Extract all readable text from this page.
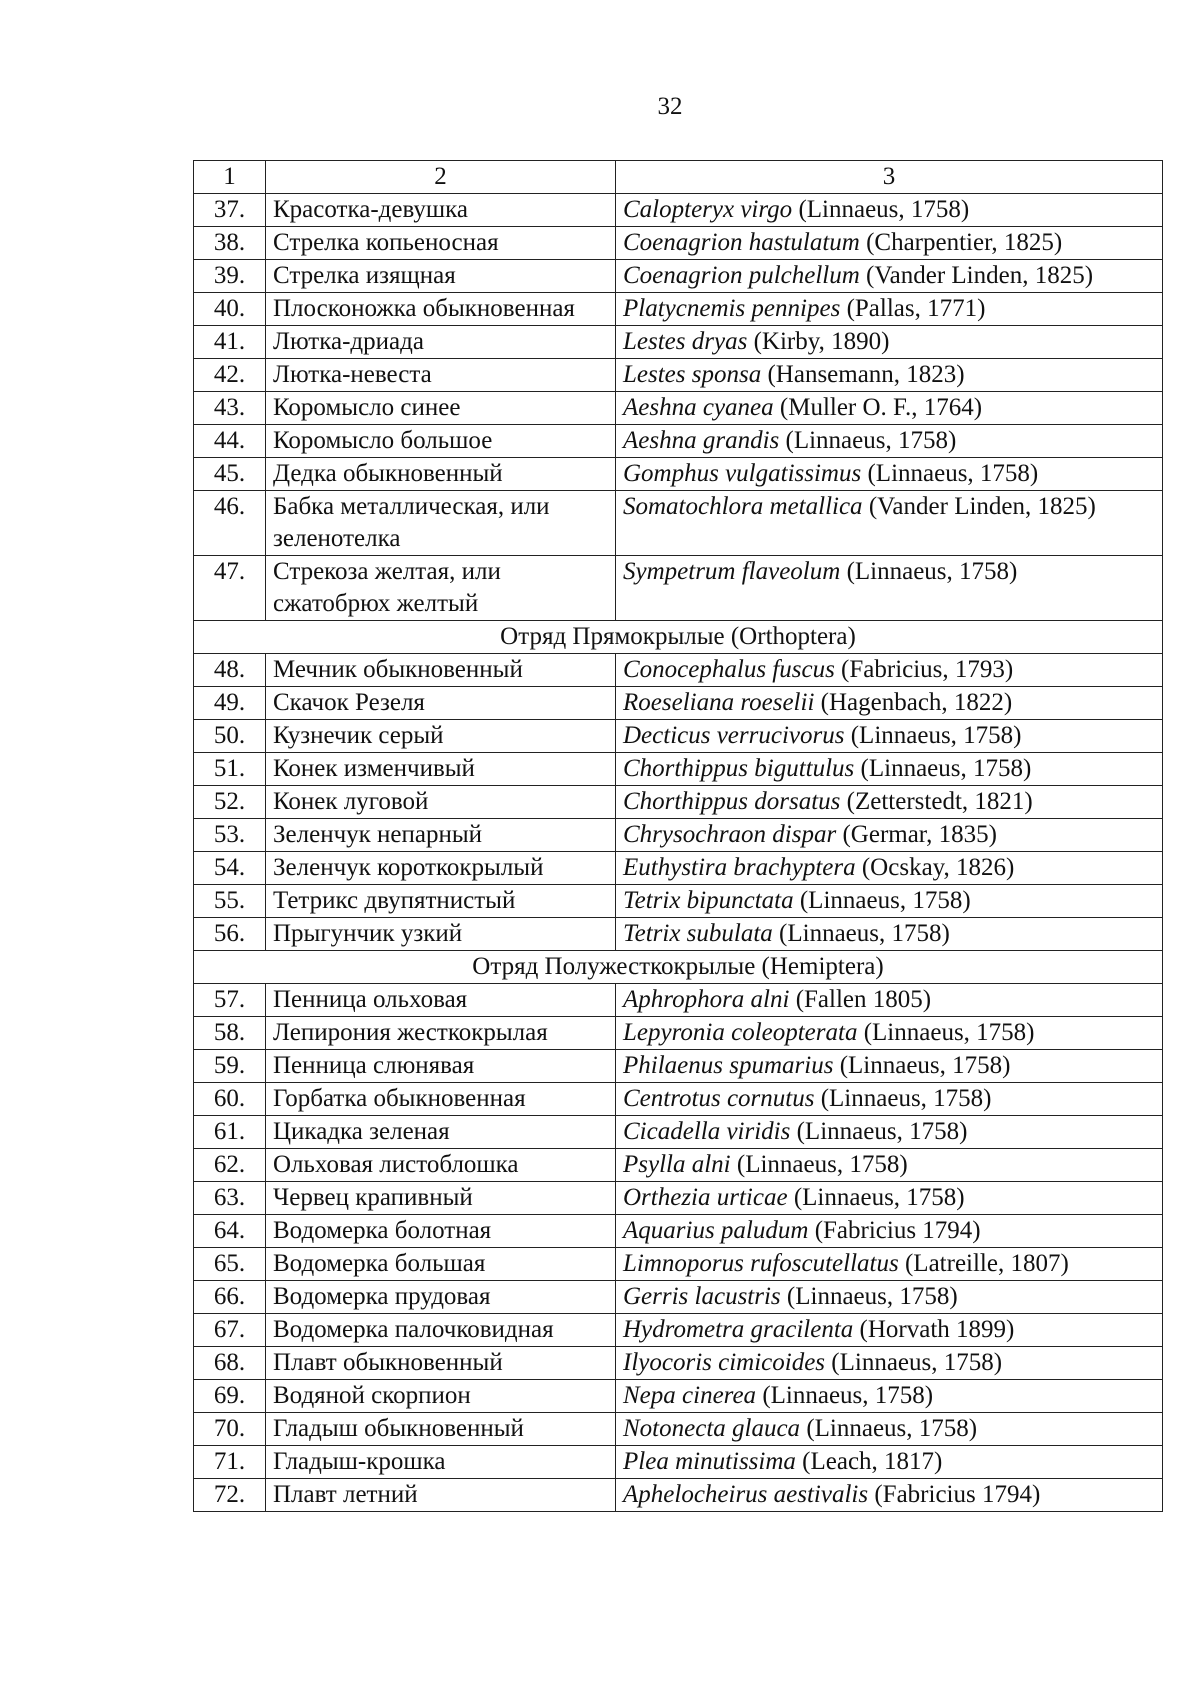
32
1	2	3
37.	Красотка-девушка	Calopteryx virgo (Linnaeus, 1758)
38.	Стрелка копьеносная	Coenagrion hastulatum (Charpentier, 1825)
39.	Стрелка изящная	Coenagrion pulchellum (Vander Linden, 1825)
40.	Плосконожка обыкновенная	Platycnemis pennipes (Pallas, 1771)
41.	Лютка-дриада	Lestes dryas (Kirby, 1890)
42.	Лютка-невеста	Lestes sponsa (Hansemann, 1823)
43.	Коромысло синее	Aeshna cyanea (Muller O. F., 1764)
44.	Коромысло большое	Aeshna grandis (Linnaeus, 1758)
45.	Дедка обыкновенный	Gomphus vulgatissimus (Linnaeus, 1758)
46.	Бабка металлическая, или зеленотелка	Somatochlora metallica (Vander Linden, 1825)
47.	Стрекоза желтая, или сжатобрюх желтый	Sympetrum flaveolum (Linnaeus, 1758)
Отряд Прямокрылые (Orthoptera)		
48.	Мечник обыкновенный	Conocephalus fuscus (Fabricius, 1793)
49.	Скачок Резеля	Roeseliana roeselii (Hagenbach, 1822)
50.	Кузнечик серый	Decticus verrucivorus (Linnaeus, 1758)
51.	Конек изменчивый	Chorthippus biguttulus (Linnaeus, 1758)
52.	Конек луговой	Chorthippus dorsatus (Zetterstedt, 1821)
53.	Зеленчук непарный	Chrysochraon dispar (Germar, 1835)
54.	Зеленчук короткокрылый	Euthystira brachyptera (Ocskay, 1826)
55.	Тетрикс двупятнистый	Tetrix bipunctata (Linnaeus, 1758)
56.	Прыгунчик узкий	Tetrix subulata (Linnaeus, 1758)
Отряд Полужесткокрылые (Hemiptera)		
57.	Пенница ольховая	Aphrophora alni (Fallen 1805)
58.	Лепирония жесткокрылая	Lepyronia coleopterata (Linnaeus, 1758)
59.	Пенница слюнявая	Philaenus spumarius (Linnaeus, 1758)
60.	Горбатка обыкновенная	Centrotus cornutus (Linnaeus, 1758)
61.	Цикадка зеленая	Cicadella viridis (Linnaeus, 1758)
62.	Ольховая листоблошка	Psylla alni (Linnaeus, 1758)
63.	Червец крапивный	Orthezia urticae (Linnaeus, 1758)
64.	Водомерка болотная	Aquarius paludum (Fabricius 1794)
65.	Водомерка большая	Limnoporus rufoscutellatus (Latreille, 1807)
66.	Водомерка прудовая	Gerris lacustris (Linnaeus, 1758)
67.	Водомерка палочковидная	Hydrometra gracilenta (Horvath 1899)
68.	Плавт обыкновенный	Ilyocoris cimicoides (Linnaeus, 1758)
69.	Водяной скорпион	Nepa cinerea (Linnaeus, 1758)
70.	Гладыш обыкновенный	Notonecta glauca (Linnaeus, 1758)
71.	Гладыш-крошка	Plea minutissima (Leach, 1817)
72.	Плавт летний	Aphelocheirus aestivalis (Fabricius 1794)
